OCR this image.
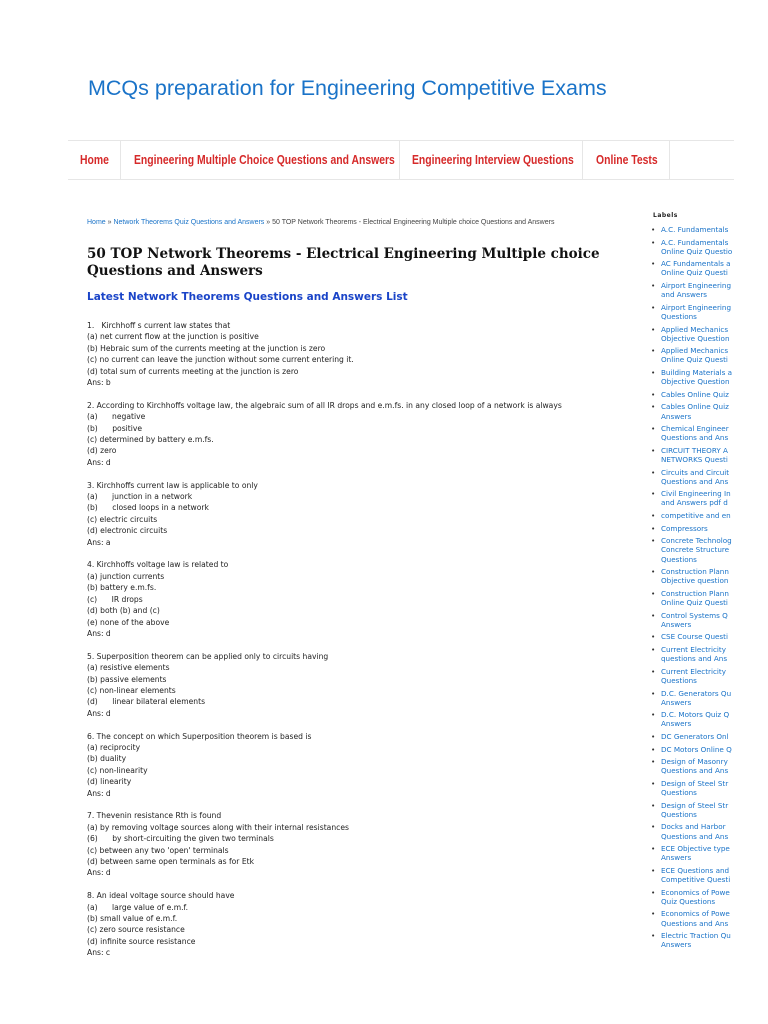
MCQs preparation for Engineering Competitive Exams
Home Engineering Multiple Choice Questions and Answers Engineering Interview Questions Online Tests
Home » Network Theorems Quiz Questions and Answers » 50 TOP Network Theorems - Electrical Engineering Multiple choice Questions and Answers
50 TOP Network Theorems - Electrical Engineering Multiple choice Questions and Answers
Latest Network Theorems Questions and Answers List
1.   Kirchhoff s current law states that
(a) net current flow at the junction is positive
(b) Hebraic sum of the currents meeting at the junction is zero
(c) no current can leave the junction without some current entering it.
(d) total sum of currents meeting at the junction is zero
Ans: b
2. According to Kirchhoffs voltage law, the algebraic sum of all IR drops and e.m.fs. in any closed loop of a network is always
(a)      negative
(b)      positive
(c) determined by battery e.m.fs.
(d) zero
Ans: d
3. Kirchhoffs current law is applicable to only
(a)      junction in a network
(b)      closed loops in a network
(c) electric circuits
(d) electronic circuits
Ans: a
4. Kirchhoffs voltage law is related to
(a) junction currents
(b) battery e.m.fs.
(c)      IR drops
(d) both (b) and (c)
(e) none of the above
Ans: d
5. Superposition theorem can be applied only to circuits having
(a) resistive elements
(b) passive elements
(c) non-linear elements
(d)      linear bilateral elements
Ans: d
6. The concept on which Superposition theorem is based is
(a) reciprocity
(b) duality
(c) non-linearity
(d) linearity
Ans: d
7. Thevenin resistance Rth is found
(a) by removing voltage sources along with their internal resistances
(6)      by short-circuiting the given two terminals
(c) between any two 'open' terminals
(d) between same open terminals as for Etk
Ans: d
8. An ideal voltage source should have
(a)      large value of e.m.f.
(b) small value of e.m.f.
(c) zero source resistance
(d) infinite source resistance
Ans: c
Labels
• A.C. Fundamentals
• A.C. Fundamentals
Online Quiz Questio
• AC Fundamentals a
Online Quiz Questi
• Airport Engineering
and Answers
• Airport Engineering
Questions
• Applied Mechanics
Objective Question
• Applied Mechanics
Online Quiz Questi
• Building Materials a
Objective Question
• Cables Online Quiz
• Cables Online Quiz
Answers
• Chemical Engineer
Questions and Ans
• CIRCUIT THEORY A
NETWORKS Questi
• Circuits and Circuit
Questions and Ans
• Civil Engineering In
and Answers pdf d
• competitive and en
• Compressors
• Concrete Technolog
Concrete Structure
Questions
• Construction Plann
Objective question
• Construction Plann
Online Quiz Questi
• Control Systems Q
Answers
• CSE Course Questi
• Current Electricity
questions and Ans
• Current Electricity
Questions
• D.C. Generators Qu
Answers
• D.C. Motors Quiz Q
Answers
• DC Generators Onl
• DC Motors Online Q
• Design of Masonry
Questions and Ans
• Design of Steel Str
Questions
• Design of Steel Str
Questions
• Docks and Harbor
Questions and Ans
• ECE Objective type
Answers
• ECE Questions and
Competitive Questi
• Economics of Powe
Quiz Questions
• Economics of Powe
Questions and Ans
• Electric Traction Qu
Answers
